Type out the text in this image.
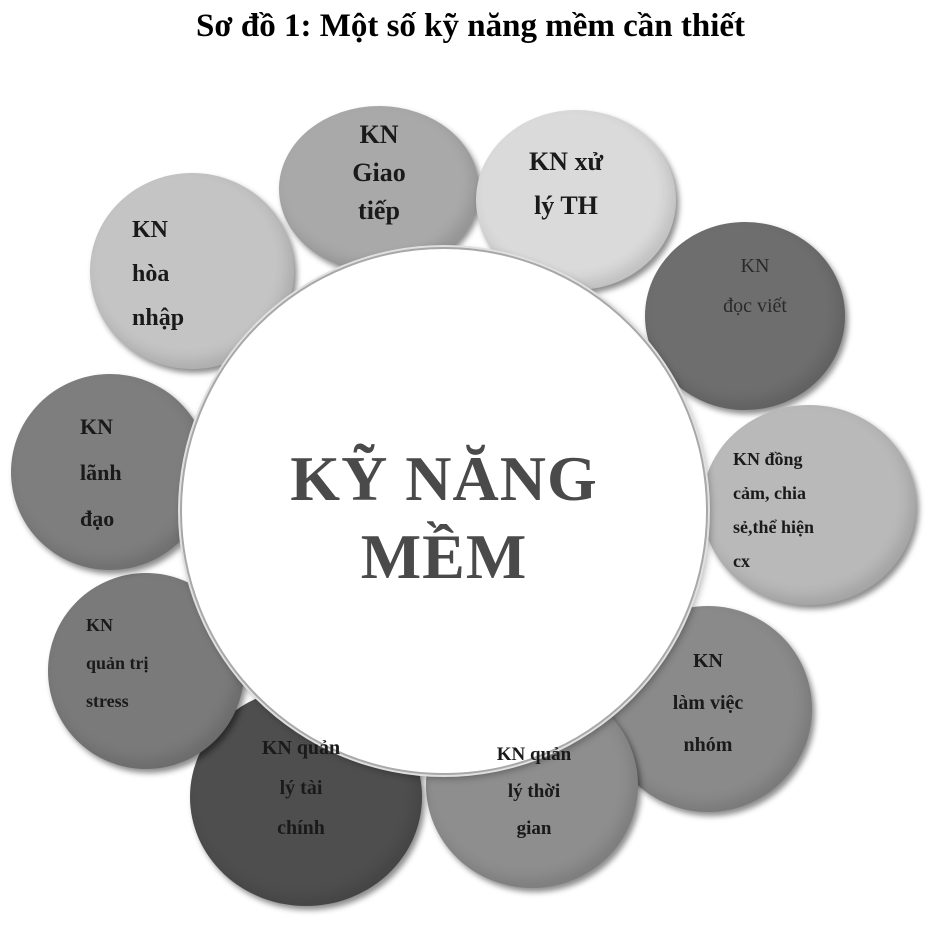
Sơ đồ 1: Một số kỹ năng mềm cần thiết
KỸ NĂNG
MỀM
KN
Giao
tiếp
KN xử
lý TH
KN
đọc viết
KN đồng
cảm, chia
sẻ,thể hiện
cx
KN
làm việc
nhóm
KN quản
lý thời
gian
KN quản
lý tài
chính
KN
quản trị
stress
KN
lãnh
đạo
KN
hòa
nhập
